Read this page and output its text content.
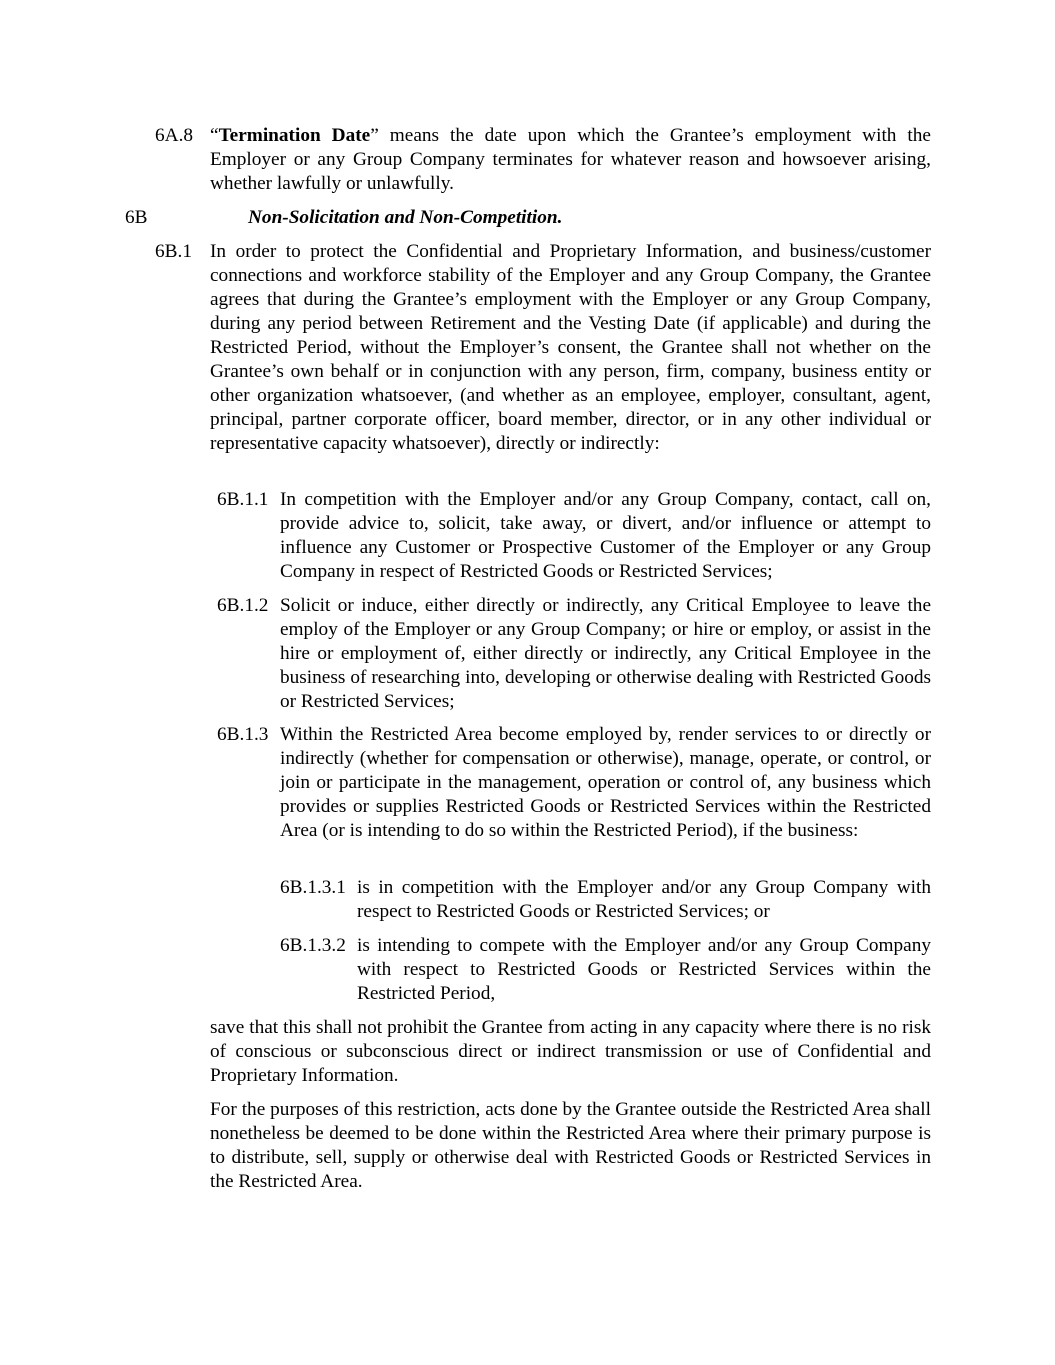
6A.8 “Termination Date” means the date upon which the Grantee’s employment with the Employer or any Group Company terminates for whatever reason and howsoever arising, whether lawfully or unlawfully.
6B	Non-Solicitation and Non-Competition.
6B.1 In order to protect the Confidential and Proprietary Information, and business/customer connections and workforce stability of the Employer and any Group Company, the Grantee agrees that during the Grantee’s employment with the Employer or any Group Company, during any period between Retirement and the Vesting Date (if applicable) and during the Restricted Period, without the Employer’s consent, the Grantee shall not whether on the Grantee’s own behalf or in conjunction with any person, firm, company, business entity or other organization whatsoever, (and whether as an employee, employer, consultant, agent, principal, partner corporate officer, board member, director, or in any other individual or representative capacity whatsoever), directly or indirectly:
6B.1.1 In competition with the Employer and/or any Group Company, contact, call on, provide advice to, solicit, take away, or divert, and/or influence or attempt to influence any Customer or Prospective Customer of the Employer or any Group Company in respect of Restricted Goods or Restricted Services;
6B.1.2 Solicit or induce, either directly or indirectly, any Critical Employee to leave the employ of the Employer or any Group Company; or hire or employ, or assist in the hire or employment of, either directly or indirectly, any Critical Employee in the business of researching into, developing or otherwise dealing with Restricted Goods or Restricted Services;
6B.1.3 Within the Restricted Area become employed by, render services to or directly or indirectly (whether for compensation or otherwise), manage, operate, or control, or join or participate in the management, operation or control of, any business which provides or supplies Restricted Goods or Restricted Services within the Restricted Area (or is intending to do so within the Restricted Period), if the business:
6B.1.3.1 is in competition with the Employer and/or any Group Company with respect to Restricted Goods or Restricted Services; or
6B.1.3.2 is intending to compete with the Employer and/or any Group Company with respect to Restricted Goods or Restricted Services within the Restricted Period,
save that this shall not prohibit the Grantee from acting in any capacity where there is no risk of conscious or subconscious direct or indirect transmission or use of Confidential and Proprietary Information.
For the purposes of this restriction, acts done by the Grantee outside the Restricted Area shall nonetheless be deemed to be done within the Restricted Area where their primary purpose is to distribute, sell, supply or otherwise deal with Restricted Goods or Restricted Services in the Restricted Area.
